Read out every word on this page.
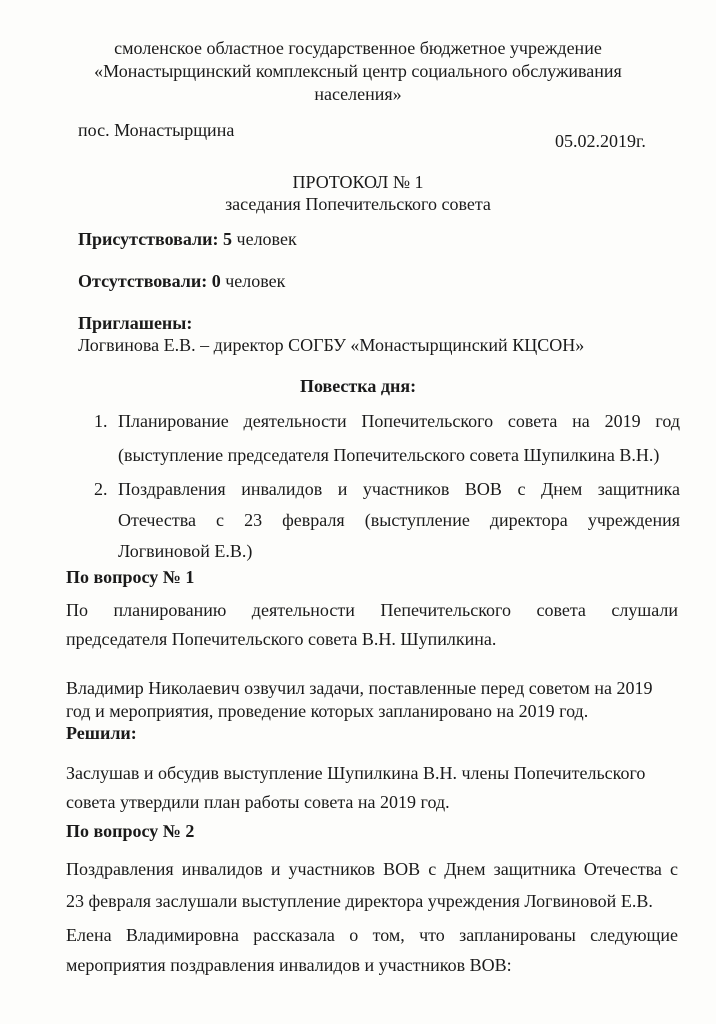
смоленское областное государственное бюджетное учреждение
«Монастырщинский комплексный центр социального обслуживания
населения»
пос. Монастырщина
05.02.2019г.
ПРОТОКОЛ № 1
заседания Попечительского совета
Присутствовали: 5 человек
Отсутствовали: 0 человек
Приглашены:
Логвинова Е.В. – директор СОГБУ «Монастырщинский КЦСОН»
Повестка дня:
1. Планирование деятельности Попечительского совета на 2019 год
(выступление председателя Попечительского совета Шупилкина В.Н.)
2. Поздравления инвалидов и участников ВОВ с Днем защитника
Отечества с 23 февраля (выступление директора учреждения
Логвиновой Е.В.)
По вопросу № 1
По планированию деятельности Пепечительского совета слушали
председателя Попечительского совета В.Н. Шупилкина.
Владимир Николаевич озвучил задачи, поставленные перед советом на 2019
год и мероприятия, проведение которых запланировано на 2019 год.
Решили:
Заслушав и обсудив выступление Шупилкина В.Н. члены Попечительского
совета утвердили план работы совета на 2019 год.
По вопросу № 2
Поздравления инвалидов и участников ВОВ с Днем защитника Отечества с
23 февраля заслушали выступление директора учреждения Логвиновой Е.В.
Елена Владимировна рассказала о том, что запланированы следующие
мероприятия поздравления инвалидов и участников ВОВ:
